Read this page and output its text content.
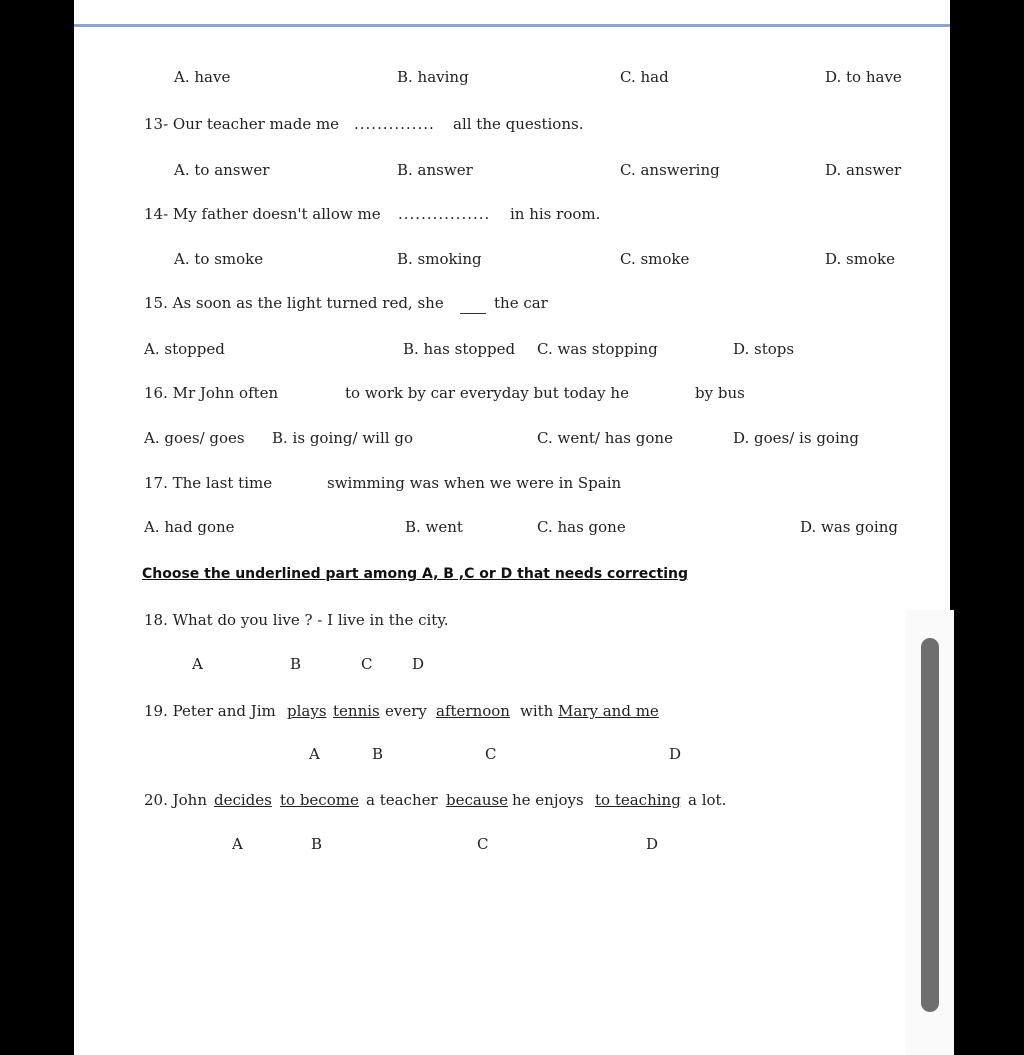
A. have	B. having	C. had	D. to have
13- Our teacher made me .............. all the questions.
A. to answer	B. answer	C. answering	D. answer
14- My father doesn't allow me ................ in his room.
A. to smoke	B. smoking	C. smoke	D. smoke
15. As soon as the light turned red, she	the car
A. stopped	B. has stopped C. was stopping	D. stops
16. Mr John often	to work by car everyday but today he	by bus
A. goes/ goes B. is going/ will go	C. went/ has gone	D. goes/ is going
17. The last time	swimming was when we were in Spain
A. had gone	B. went	C. has gone	D. was going
Choose the underlined part among A, B ,C or D that needs correcting
18. What do you live ? - I live in the city.
A	B	C	D
19. Peter and Jim plays tennis every afternoon with Mary and me
A	B	C	D
20. John decides to become a teacher because he enjoys to teaching a lot.
A	B	C	D
